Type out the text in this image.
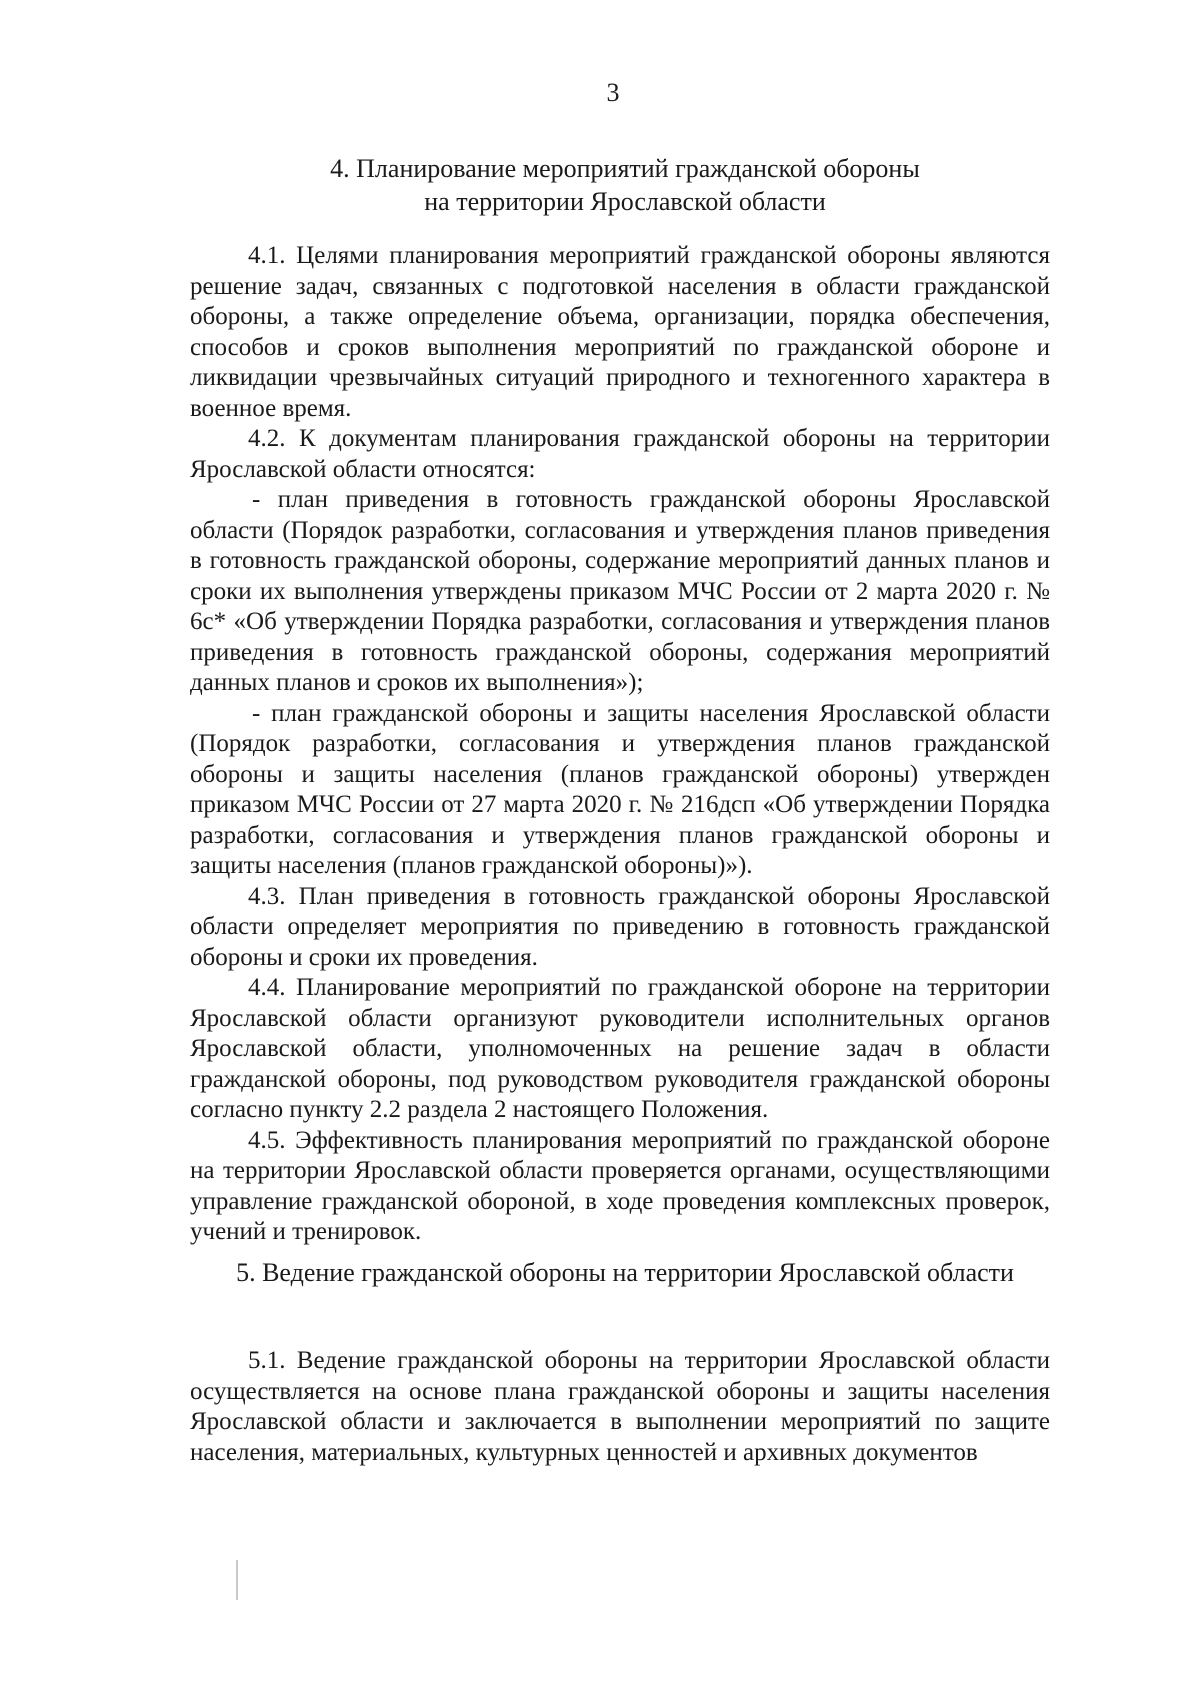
3
4. Планирование мероприятий гражданской обороны
на территории Ярославской области

4.1. Целями планирования мероприятий гражданской обороны являются решение задач, связанных с подготовкой населения в области гражданской обороны, а также определение объема, организации, порядка обеспечения, способов и сроков выполнения мероприятий по гражданской обороне и ликвидации чрезвычайных ситуаций природного и техногенного характера в военное время.

4.2. К документам планирования гражданской обороны на территории Ярославской области относятся:

- план приведения в готовность гражданской обороны Ярославской области (Порядок разработки, согласования и утверждения планов приведения в готовность гражданской обороны, содержание мероприятий данных планов и сроки их выполнения утверждены приказом МЧС России от 2 марта 2020 г. № 6с* «Об утверждении Порядка разработки, согласования и утверждения планов приведения в готовность гражданской обороны, содержания мероприятий данных планов и сроков их выполнения»);

- план гражданской обороны и защиты населения Ярославской области (Порядок разработки, согласования и утверждения планов гражданской обороны и защиты населения (планов гражданской обороны) утвержден приказом МЧС России от 27 марта 2020 г. № 216дсп «Об утверждении Порядка разработки, согласования и утверждения планов гражданской обороны и защиты населения (планов гражданской обороны)»).

4.3. План приведения в готовность гражданской обороны Ярославской области определяет мероприятия по приведению в готовность гражданской обороны и сроки их проведения.

4.4. Планирование мероприятий по гражданской обороне на территории Ярославской области организуют руководители исполнительных органов Ярославской области, уполномоченных на решение задач в области гражданской обороны, под руководством руководителя гражданской обороны согласно пункту 2.2 раздела 2 настоящего Положения.

4.5. Эффективность планирования мероприятий по гражданской обороне на территории Ярославской области проверяется органами, осуществляющими управление гражданской обороной, в ходе проведения комплексных проверок, учений и тренировок.

5. Ведение гражданской обороны на территории Ярославской области

5.1. Ведение гражданской обороны на территории Ярославской области осуществляется на основе плана гражданской обороны и защиты населения Ярославской области и заключается в выполнении мероприятий по защите населения, материальных, культурных ценностей и архивных документов
